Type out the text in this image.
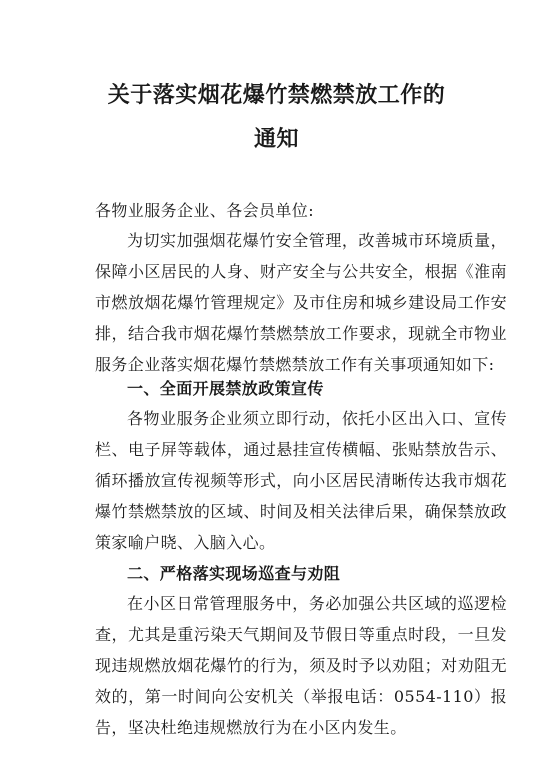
关于落实烟花爆竹禁燃禁放工作的
通知

各物业服务企业、各会员单位:

为切实加强烟花爆竹安全管理，改善城市环境质量，保障小区居民的人身、财产安全与公共安全，根据《淮南市燃放烟花爆竹管理规定》及市住房和城乡建设局工作安排，结合我市烟花爆竹禁燃禁放工作要求，现就全市物业服务企业落实烟花爆竹禁燃禁放工作有关事项通知如下:

一、全面开展禁放政策宣传

各物业服务企业须立即行动，依托小区出入口、宣传栏、电子屏等载体，通过悬挂宣传横幅、张贴禁放告示、循环播放宣传视频等形式，向小区居民清晰传达我市烟花爆竹禁燃禁放的区域、时间及相关法律后果，确保禁放政策家喻户晓、入脑入心。

二、严格落实现场巡查与劝阻

在小区日常管理服务中，务必加强公共区域的巡逻检查，尤其是重污染天气期间及节假日等重点时段，一旦发现违规燃放烟花爆竹的行为，须及时予以劝阻；对劝阻无效的，第一时间向公安机关（举报电话：0554-110）报告，坚决杜绝违规燃放行为在小区内发生。
